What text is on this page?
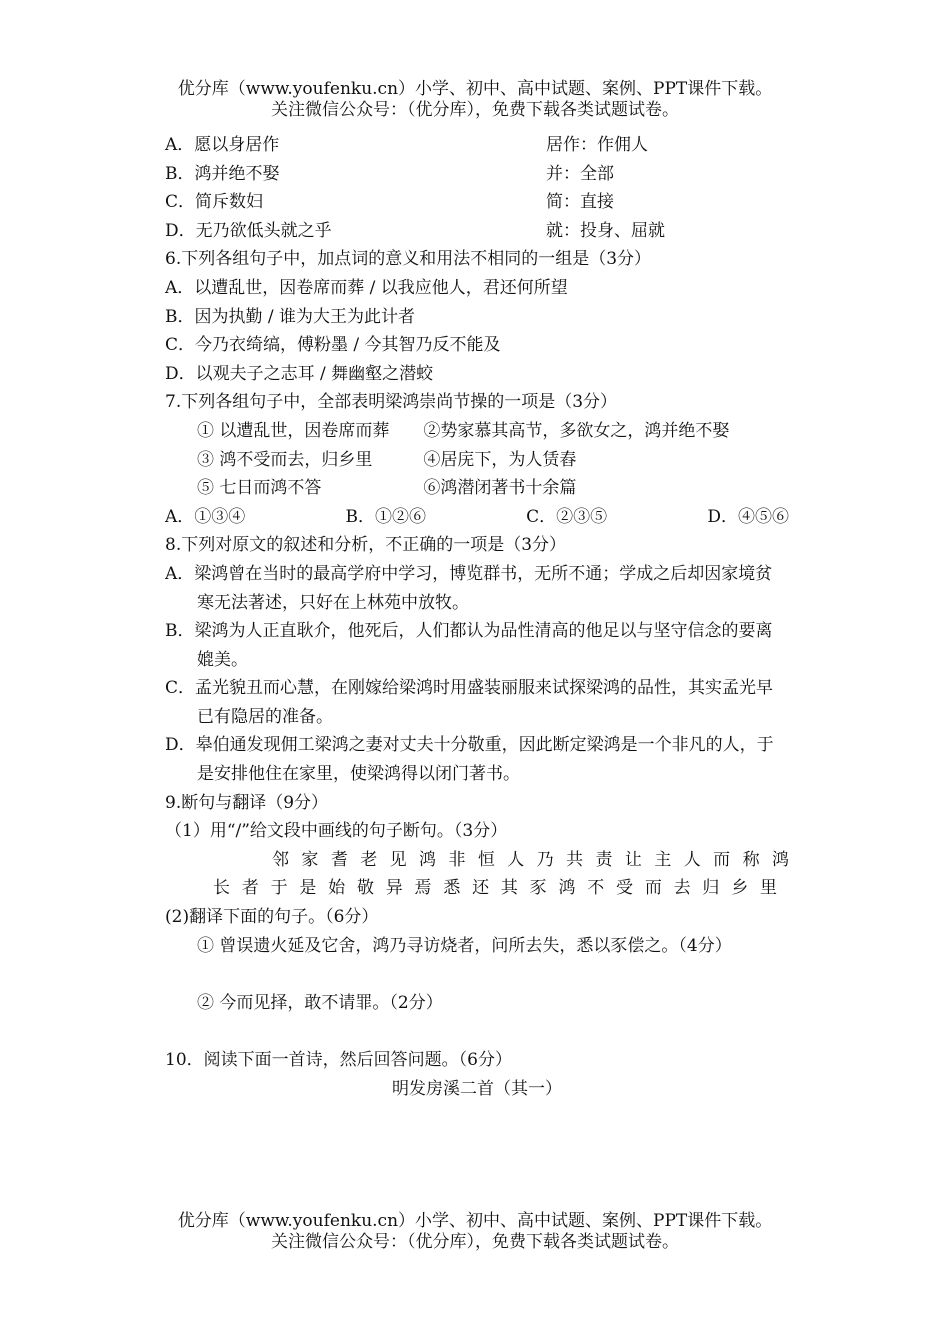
优分库（www.youfenku.cn）小学、初中、高中试题、案例、PPT课件下载。
关注微信公众号：（优分库），免费下载各类试题试卷。
A．愿以身居作	居作：作佣人
B．鸿并绝不娶	并：全部
C．简斥数妇	简：直接
D．无乃欲低头就之乎	就：投身、屈就
6.下列各组句子中，加点词的意义和用法不相同的一组是（3分）
A．以遭乱世，因卷席而葬 / 以我应他人，君还何所望
B．因为执勤 / 谁为大王为此计者
C．今乃衣绮缟，傅粉墨 / 今其智乃反不能及
D．以观夫子之志耳 / 舞幽壑之潜蛟
7.下列各组句子中，全部表明梁鸿崇尚节操的一项是（3分）
① 以遭乱世，因卷席而葬　　②势家慕其高节，多欲女之，鸿并绝不娶
③ 鸿不受而去，归乡里　　　④居庑下，为人赁舂
⑤ 七日而鸿不答　　　　　　⑥鸿潜闭著书十余篇
A．①③④	B．①②⑥	C．②③⑤	D．④⑤⑥
8.下列对原文的叙述和分析，不正确的一项是（3分）
A．梁鸿曾在当时的最高学府中学习，博览群书，无所不通；学成之后却因家境贫寒无法著述，只好在上林苑中放牧。
B．梁鸿为人正直耿介，他死后，人们都认为品性清高的他足以与坚守信念的要离媲美。
C．孟光貌丑而心慧，在刚嫁给梁鸿时用盛装丽服来试探梁鸿的品性，其实孟光早已有隐居的准备。
D．皋伯通发现佣工梁鸿之妻对丈夫十分敬重，因此断定梁鸿是一个非凡的人，于是安排他住在家里，使梁鸿得以闭门著书。
9.断句与翻译（9分）
（1）用“/”给文段中画线的句子断句。（3分）
邻 家 耆 老 见 鸿 非 恒 人 乃 共 责 让 主 人 而 称 鸿
长 者 于 是 始 敬 异 焉 悉 还 其 豕 鸿 不 受 而 去 归 乡 里
(2)翻译下面的句子。（6分）
① 曾误遗火延及它舍，鸿乃寻访烧者，问所去失，悉以豕偿之。（4分）
② 今而见择，敢不请罪。（2分）
10．阅读下面一首诗，然后回答问题。（6分）
明发房溪二首（其一）
优分库（www.youfenku.cn）小学、初中、高中试题、案例、PPT课件下载。
关注微信公众号：（优分库），免费下载各类试题试卷。
